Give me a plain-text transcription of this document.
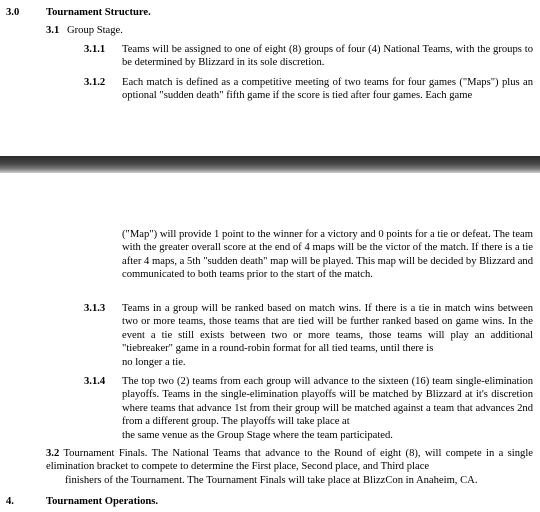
3.0	Tournament Structure.
3.1 Group Stage.
3.1.1 Teams will be assigned to one of eight (8) groups of four (4) National Teams, with the groups to be determined by Blizzard in its sole discretion.

3.1.2 Each match is defined as a competitive meeting of two teams for four games ("Maps") plus an optional "sudden death" fifth game if the score is tied after four games. Each game

("Map") will provide 1 point to the winner for a victory and 0 points for a tie or defeat. The team with the greater overall score at the end of 4 maps will be the victor of the match. If there is a tie after 4 maps, a 5th "sudden death" map will be played. This map will be decided by Blizzard and communicated to both teams prior to the start of the match.

3.1.3 Teams in a group will be ranked based on match wins. If there is a tie in match wins between two or more teams, those teams that are tied will be further ranked based on game wins. In the event a tie still exists between two or more teams, those teams will play an additional "tiebreaker" game in a round-robin format for all tied teams, until there is
no longer a tie.
3.1.4 The top two (2) teams from each group will advance to the sixteen (16) team single-elimination playoffs. Teams in the single-elimination playoffs will be matched by Blizzard at it's discretion where teams that advance 1st from their group will be matched against a team that advances 2nd from a different group. The playoffs will take place at
the same venue as the Group Stage where the team participated.
3.2 Tournament Finals. The National Teams that advance to the Round of eight (8), will compete in a single elimination bracket to compete to determine the First place, Second place, and Third place
finishers of the Tournament. The Tournament Finals will take place at BlizzCon in Anaheim, CA.
4.	Tournament Operations.
